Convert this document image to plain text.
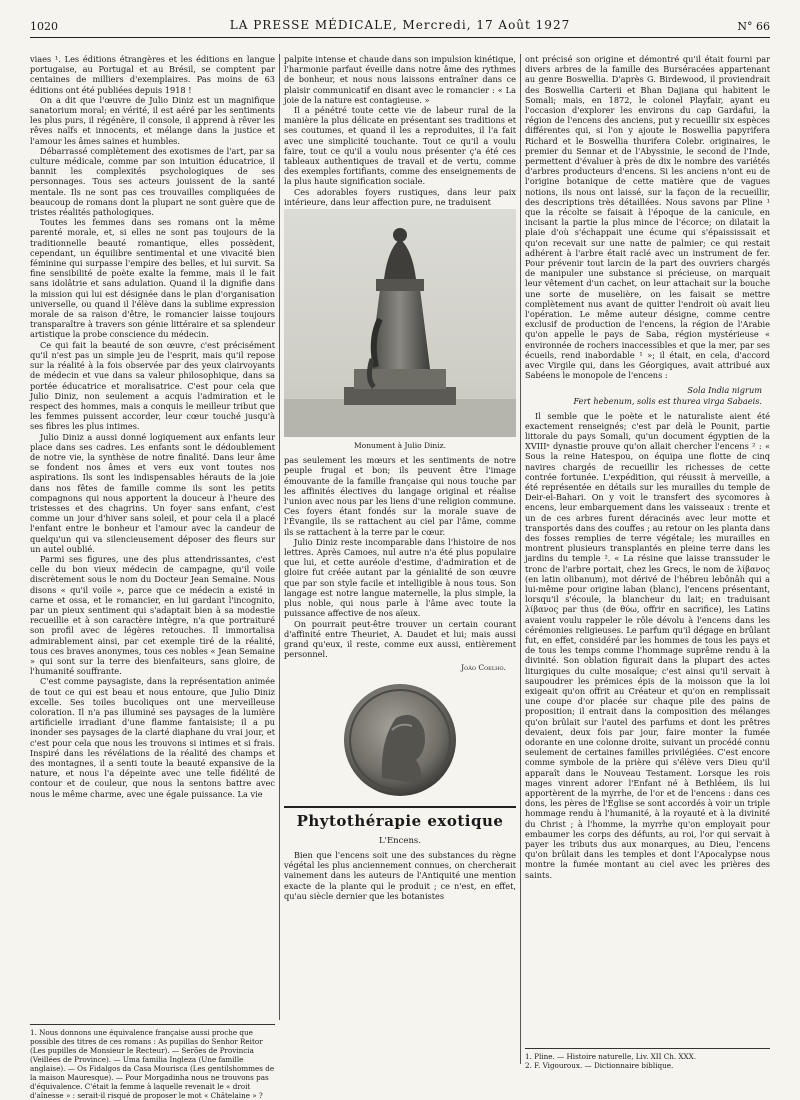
1020	LA PRESSE MÉDICALE, Mercredi, 17 Août 1927	N° 66

viaes ¹. Les éditions étrangères et les éditions en langue portugaise, au Portugal et au Brésil, se comptent par centaines de milliers d'exemplaires. Pas moins de 63 éditions ont été publiées depuis 1918 !

On a dit que l'œuvre de Julio Diniz est un magnifique sanatorium moral; en vérité, il est aéré par les sentiments les plus purs, il régénère, il console, il apprend à rêver les rêves naïfs et innocents, et mélange dans la justice et l'amour les âmes saines et humbles.

Débarrassé complètement des exotismes de l'art, par sa culture médicale, comme par son intuition éducatrice, il bannit les complexités psychologiques de ses personnages. Tous ses acteurs jouissent de la santé mentale. Ils ne sont pas ces trouvailles compliquées de beaucoup de romans dont la plupart ne sont guère que de tristes réalités pathologiques.

Toutes les femmes dans ses romans ont la même parenté morale, et, si elles ne sont pas toujours de la traditionnelle beauté romantique, elles possèdent, cependant, un équilibre sentimental et une vivacité bien féminine qui surpasse l'empire des belles, et lui survit. Sa fine sensibilité de poète exalte la femme, mais il le fait sans idolâtrie et sans adulation. Quand il la dignifie dans la mission qui lui est désignée dans le plan d'organisation universelle, ou quand il l'élève dans la sublime expression morale de sa raison d'être, le romancier laisse toujours transparaître à travers son génie littéraire et sa splendeur artistique la probe conscience du médecin.

Ce qui fait la beauté de son œuvre, c'est précisément qu'il n'est pas un simple jeu de l'esprit, mais qu'il repose sur la réalité à la fois observée par des yeux clairvoyants de médecin et vue dans sa valeur philosophique, dans sa portée éducatrice et moralisatrice. C'est pour cela que Julio Diniz, non seulement a acquis l'admiration et le respect des hommes, mais a conquis le meilleur tribut que les femmes puissent accorder, leur cœur touché jusqu'à ses fibres les plus intimes.

Julio Diniz a aussi donné logiquement aux enfants leur place dans ses cadres. Les enfants sont le dédoublement de notre vie, la synthèse de notre finalité. Dans leur âme se fondent nos âmes et vers eux vont toutes nos aspirations. Ils sont les indispensables hérauts de la joie dans nos fêtes de famille comme ils sont les petits compagnons qui nous apportent la douceur à l'heure des tristesses et des chagrins. Un foyer sans enfant, c'est comme un jour d'hiver sans soleil, et pour cela il a placé l'enfant entre le bonheur et l'amour avec la candeur de quelqu'un qui va silencieusement déposer des fleurs sur un autel oublié.

Parmi ses figures, une des plus attendrissantes, c'est celle du bon vieux médecin de campagne, qu'il voile discrètement sous le nom du Docteur Jean Semaine. Nous disons « qu'il voile », parce que ce médecin a existé in carne et ossa, et le romancier, en lui gardant l'incognito, par un pieux sentiment qui s'adaptait bien à sa modestie recueillie et à son caractère intègre, n'a que portraituré son profil avec de légères retouches. Il immortalisa admirablement ainsi, par cet exemple tiré de la réalité, tous ces braves anonymes, tous ces nobles « Jean Semaine » qui sont sur la terre des bienfaiteurs, sans gloire, de l'humanité souffrante.

C'est comme paysagiste, dans la représentation animée de tout ce qui est beau et nous entoure, que Julio Diniz excelle. Ses toiles bucoliques ont une merveilleuse coloration. Il n'a pas illuminé ses paysages de la lumière artificielle irradiant d'une flamme fantaisiste; il a pu inonder ses paysages de la clarté diaphane du vrai jour, et c'est pour cela que nous les trouvons si intimes et si frais. Inspiré dans les révélations de la réalité des champs et des montagnes, il a senti toute la beauté expansive de la nature, et nous l'a dépeinte avec une telle fidélité de contour et de couleur, que nous la sentons battre avec nous le même charme, avec une égale puissance. La vie

1. Nous donnons une équivalence française aussi proche que possible des titres de ces romans : As pupillas do Senhor Reitor (Les pupilles de Monsieur le Recteur). — Serões de Provincia (Veillées de Province). — Uma familia Ingleza (Une famille anglaise). — Os Fidalgos da Casa Mourisca (Les gentilshommes de la maison Mauresque). — Pour Morgadinha nous ne trouvons pas d'équivalence. C'était la femme à laquelle revenait le « droit d'aînesse » : serait-il risqué de proposer le mot « Châtelaine » ?

palpite intense et chaude dans son impulsion kinétique, l'harmonie parfaut éveille dans notre âme des rythmes de bonheur, et nous nous laissons entraîner dans ce plaisir communicatif en disant avec le romancier : « La joie de la nature est contagieuse. »

Il a pénétré toute cette vie de labeur rural de la manière la plus délicate en présentant ses traditions et ses coutumes, et quand il les a reproduites, il l'a fait avec une simplicité touchante. Tout ce qu'il a voulu faire, tout ce qu'il a voulu nous présenter ç'a été ces tableaux authentiques de travail et de vertu, comme des exemples fortifiants, comme des enseignements de la plus haute signification sociale.

Ces adorables foyers rustiques, dans leur paix intérieure, dans leur affection pure, ne traduisent

Monument à Julio Diniz.

pas seulement les mœurs et les sentiments de notre peuple frugal et bon; ils peuvent être l'image émouvante de la famille française qui nous touche par les affinités électives du langage original et réalise l'union avec nous par les liens d'une religion commune. Ces foyers étant fondés sur la morale suave de l'Évangile, ils se rattachent au ciel par l'âme, comme ils se rattachent à la terre par le cœur.

Julio Diniz reste incomparable dans l'histoire de nos lettres. Après Camoes, nul autre n'a été plus populaire que lui, et cette auréole d'estime, d'admiration et de gloire fut créée autant par la génialité de son œuvre que par son style facile et intelligible à nous tous. Son langage est notre langue maternelle, la plus simple, la plus noble, qui nous parle à l'âme avec toute la puissance affective de nos aïeux.

On pourrait peut-être trouver un certain courant d'affinité entre Theuriet, A. Daudet et lui; mais aussi grand qu'eux, il reste, comme eux aussi, entièrement personnel.

João Coelho.
Phytothérapie exotique
L'Encens.

Bien que l'encens soit une des substances du règne végétal les plus anciennement connues, on chercherait vainement dans les auteurs de l'Antiquité une mention exacte de la plante qui le produit ; ce n'est, en effet, qu'au siècle dernier que les botanistes

ont précisé son origine et démontré qu'il était fourni par divers arbres de la famille des Burséracées appartenant au genre Boswellia. D'après G. Birdewood, il proviendrait des Boswellia Carterii et Bhan Dajiana qui habitent le Somali; mais, en 1872, le colonel Playfair, ayant eu l'occasion d'explorer les environs du cap Gardafui, la région de l'encens des anciens, put y recueillir six espèces différentes qui, si l'on y ajoute le Boswellia papyrifera Richard et le Boswellia thurifera Colebr. originaires, le premier du Sennar et de l'Abyssinie, le second de l'Inde, permettent d'évaluer à près de dix le nombre des variétés d'arbres producteurs d'encens. Si les anciens n'ont eu de l'origine botanique de cette matière que de vagues notions, ils nous ont laissé, sur la façon de la recueillir, des descriptions très détaillées. Nous savons par Pline ¹ que la récolte se faisait à l'époque de la canicule, en incisant la partie la plus mince de l'écorce; on dilatait la plaie d'où s'échappait une écume qui s'épaississait et qu'on recevait sur une natte de palmier; ce qui restait adhérent à l'arbre était raclé avec un instrument de fer. Pour prévenir tout larcin de la part des ouvriers chargés de manipuler une substance si précieuse, on marquait leur vêtement d'un cachet, on leur attachait sur la bouche une sorte de muselière, on les faisait se mettre complètement nus avant de quitter l'endroit où avait lieu l'opération. Le même auteur désigne, comme centre exclusif de production de l'encens, la région de l'Arabie qu'on appelle le pays de Saba, région mystérieuse « environnée de rochers inaccessibles et que la mer, par ses écueils, rend inabordable ¹ »; il était, en cela, d'accord avec Virgile qui, dans les Géorgiques, avait attribué aux Sabéens le monopole de l'encens :

Sola India nigrum
Fert hebenum, solis est thurea virga Sabaeis.

Il semble que le poète et le naturaliste aient été exactement renseignés; c'est par delà le Pounit, partie littorale du pays Somali, qu'un document égyptien de la XVIIIᵉ dynastie prouve qu'on allait chercher l'encens ² : « Sous la reine Hatespou, on équipa une flotte de cinq navires chargés de recueillir les richesses de cette contrée fortunée. L'expédition, qui réussit à merveille, a été représentée en détails sur les murailles du temple de Deir-el-Bahari. On y voit le transfert des sycomores à encens, leur embarquement dans les vaisseaux : trente et un de ces arbres furent déracinés avec leur motte et transportés dans des couffes ; au retour on les planta dans des fosses remplies de terre végétale; les murailles en montrent plusieurs transplantés en pleine terre dans les jardins du temple ². « La résine que laisse transsuder le tronc de l'arbre portait, chez les Grecs, le nom de λίβανος (en latin olibanum), mot dérivé de l'hébreu lebônâh qui a lui-même pour origine laban (blanc), l'encens présentant, lorsqu'il s'écoule, la blancheur du lait; en traduisant λίβανος par thus (de θύω, offrir en sacrifice), les Latins avaient voulu rappeler le rôle dévolu à l'encens dans les cérémonies religieuses. Le parfum qu'il dégage en brûlant fut, en effet, considéré par les hommes de tous les pays et de tous les temps comme l'hommage suprême rendu à la divinité. Son oblation figurait dans la plupart des actes liturgiques du culte mosaïque; c'est ainsi qu'il servait à saupoudrer les prémices épis de la moisson que la loi exigeait qu'on offrit au Créateur et qu'on en remplissait une coupe d'or placée sur chaque pile des pains de proposition; il entrait dans la composition des mélanges qu'on brûlait sur l'autel des parfums et dont les prêtres devaient, deux fois par jour, faire monter la fumée odorante en une colonne droite, suivant un procédé connu seulement de certaines familles privilégiées. C'est encore comme symbole de la prière qui s'élève vers Dieu qu'il apparaît dans le Nouveau Testament. Lorsque les rois mages vinrent adorer l'Enfant né à Bethléem, ils lui apportèrent de la myrrhe, de l'or et de l'encens : dans ces dons, les pères de l'Église se sont accordés à voir un triple hommage rendu à l'humanité, à la royauté et à la divinité du Christ ; à l'homme, la myrrhe qu'on employait pour embaumer les corps des défunts, au roi, l'or qui servait à payer les tributs dus aux monarques, au Dieu, l'encens qu'on brûlait dans les temples et dont l'Apocalypse nous montre la fumée montant au ciel avec les prières des saints.

1. Pline. — Histoire naturelle, Liv. XII Ch. XXX.
2. F. Vigouroux. — Dictionnaire biblique.
